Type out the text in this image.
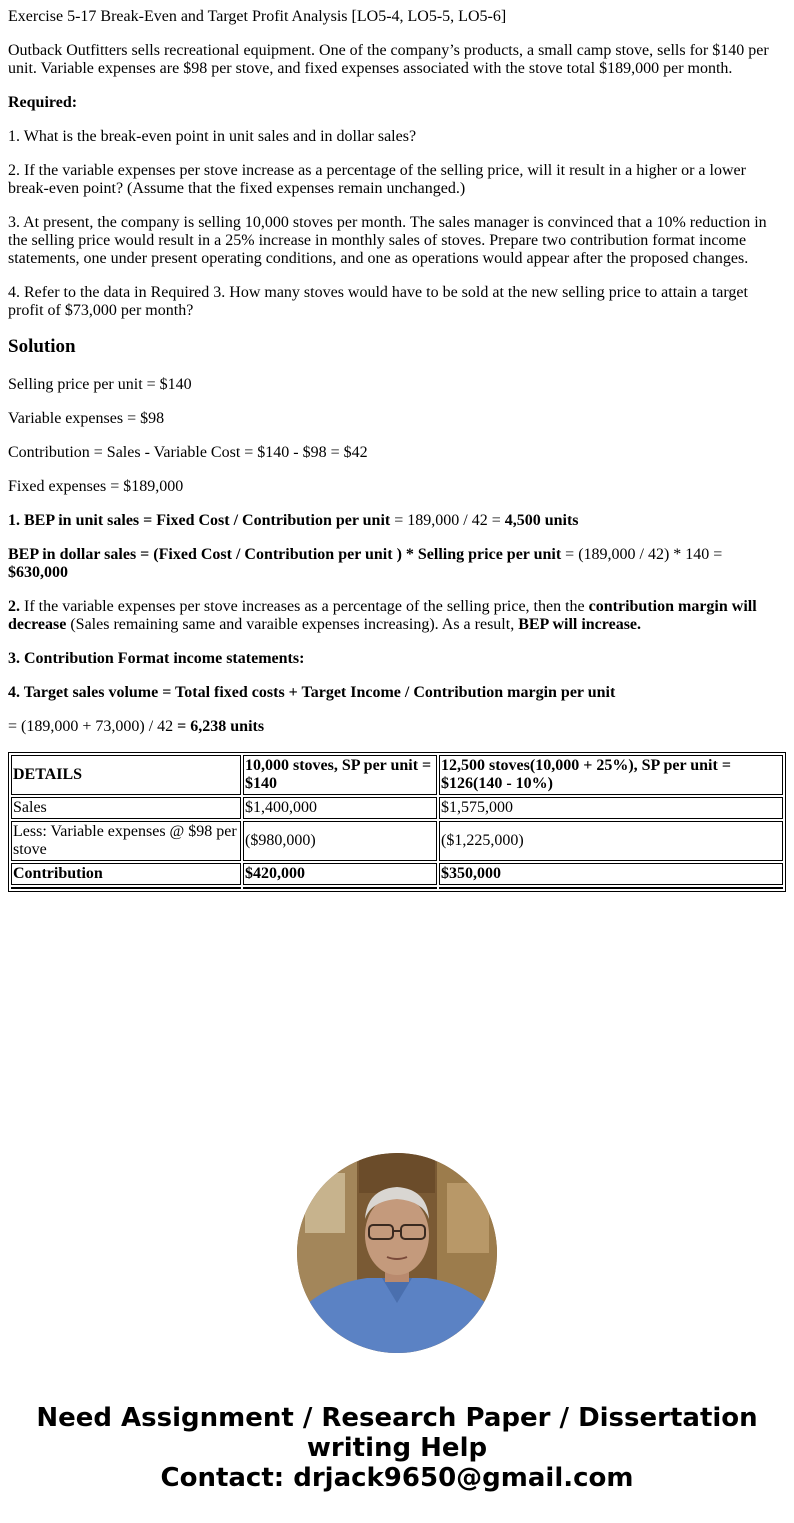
Exercise 5-17 Break-Even and Target Profit Analysis [LO5-4, LO5-5, LO5-6]

Outback Outfitters sells recreational equipment. One of the company’s products, a small camp stove, sells for $140 per unit. Variable expenses are $98 per stove, and fixed expenses associated with the stove total $189,000 per month.

Required:

1. What is the break-even point in unit sales and in dollar sales?

2. If the variable expenses per stove increase as a percentage of the selling price, will it result in a higher or a lower break-even point? (Assume that the fixed expenses remain unchanged.)

3. At present, the company is selling 10,000 stoves per month. The sales manager is convinced that a 10% reduction in the selling price would result in a 25% increase in monthly sales of stoves. Prepare two contribution format income statements, one under present operating conditions, and one as operations would appear after the proposed changes.

4. Refer to the data in Required 3. How many stoves would have to be sold at the new selling price to attain a target profit of $73,000 per month?

Solution

Selling price per unit = $140

Variable expenses = $98

Contribution = Sales - Variable Cost = $140 - $98 = $42

Fixed expenses = $189,000

1. BEP in unit sales = Fixed Cost / Contribution per unit = 189,000 / 42 = 4,500 units

BEP in dollar sales = (Fixed Cost / Contribution per unit ) * Selling price per unit = (189,000 / 42) * 140 = $630,000

2. If the variable expenses per stove increases as a percentage of the selling price, then the contribution margin will decrease (Sales remaining same and varaible expenses increasing). As a result, BEP will increase.

3. Contribution Format income statements:

4. Target sales volume = Total fixed costs + Target Income / Contribution margin per unit

= (189,000 + 73,000) / 42 = 6,238 units

DETAILS	10,000 stoves, SP per unit = $140	12,500 stoves(10,000 + 25%), SP per unit = $126(140 - 10%)
Sales	$1,400,000	$1,575,000
Less: Variable expenses @ $98 per stove	($980,000)	($1,225,000)
Contribution	$420,000	$350,000

Need Assignment / Research Paper / Dissertation writing Help
Contact: drjack9650@gmail.com
